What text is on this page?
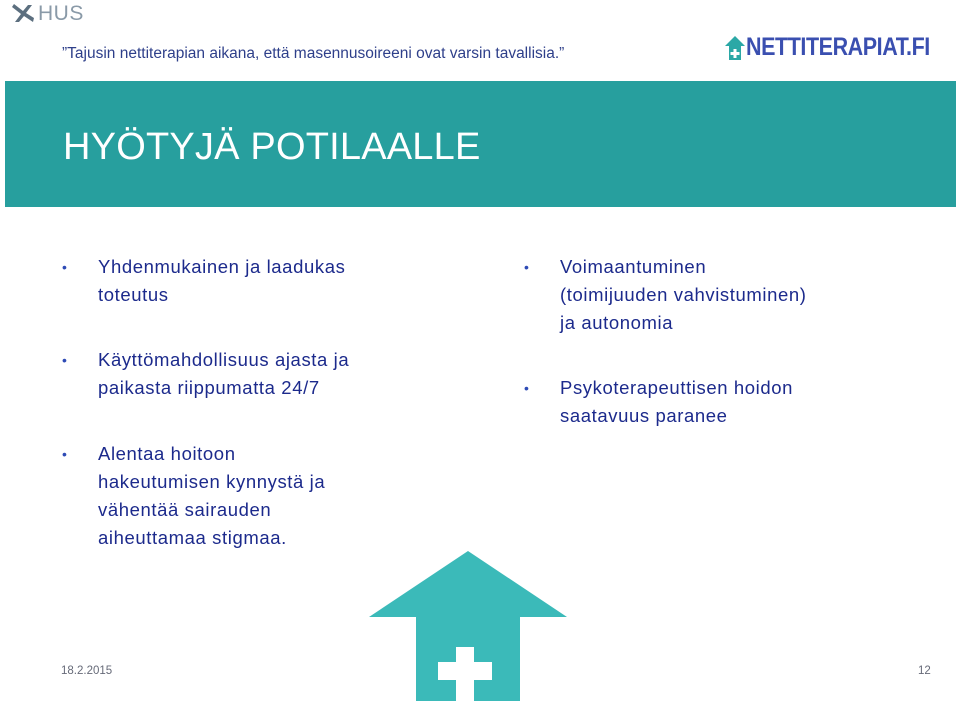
HUS
”Tajusin nettiterapian aikana, että masennusoireeni ovat varsin tavallisia.”	NETTITERAPIAT.FI
HYÖTYJÄ POTILAALLE
• Yhdenmukainen ja laadukas
toteutus
• Käyttömahdollisuus ajasta ja
paikasta riippumatta 24/7
• Alentaa hoitoon
hakeutumisen kynnystä ja
vähentää sairauden
aiheuttamaa stigmaa.
• Voimaantuminen
(toimijuuden vahvistuminen)
ja autonomia
• Psykoterapeuttisen hoidon
saatavuus paranee
18.2.2015	12
